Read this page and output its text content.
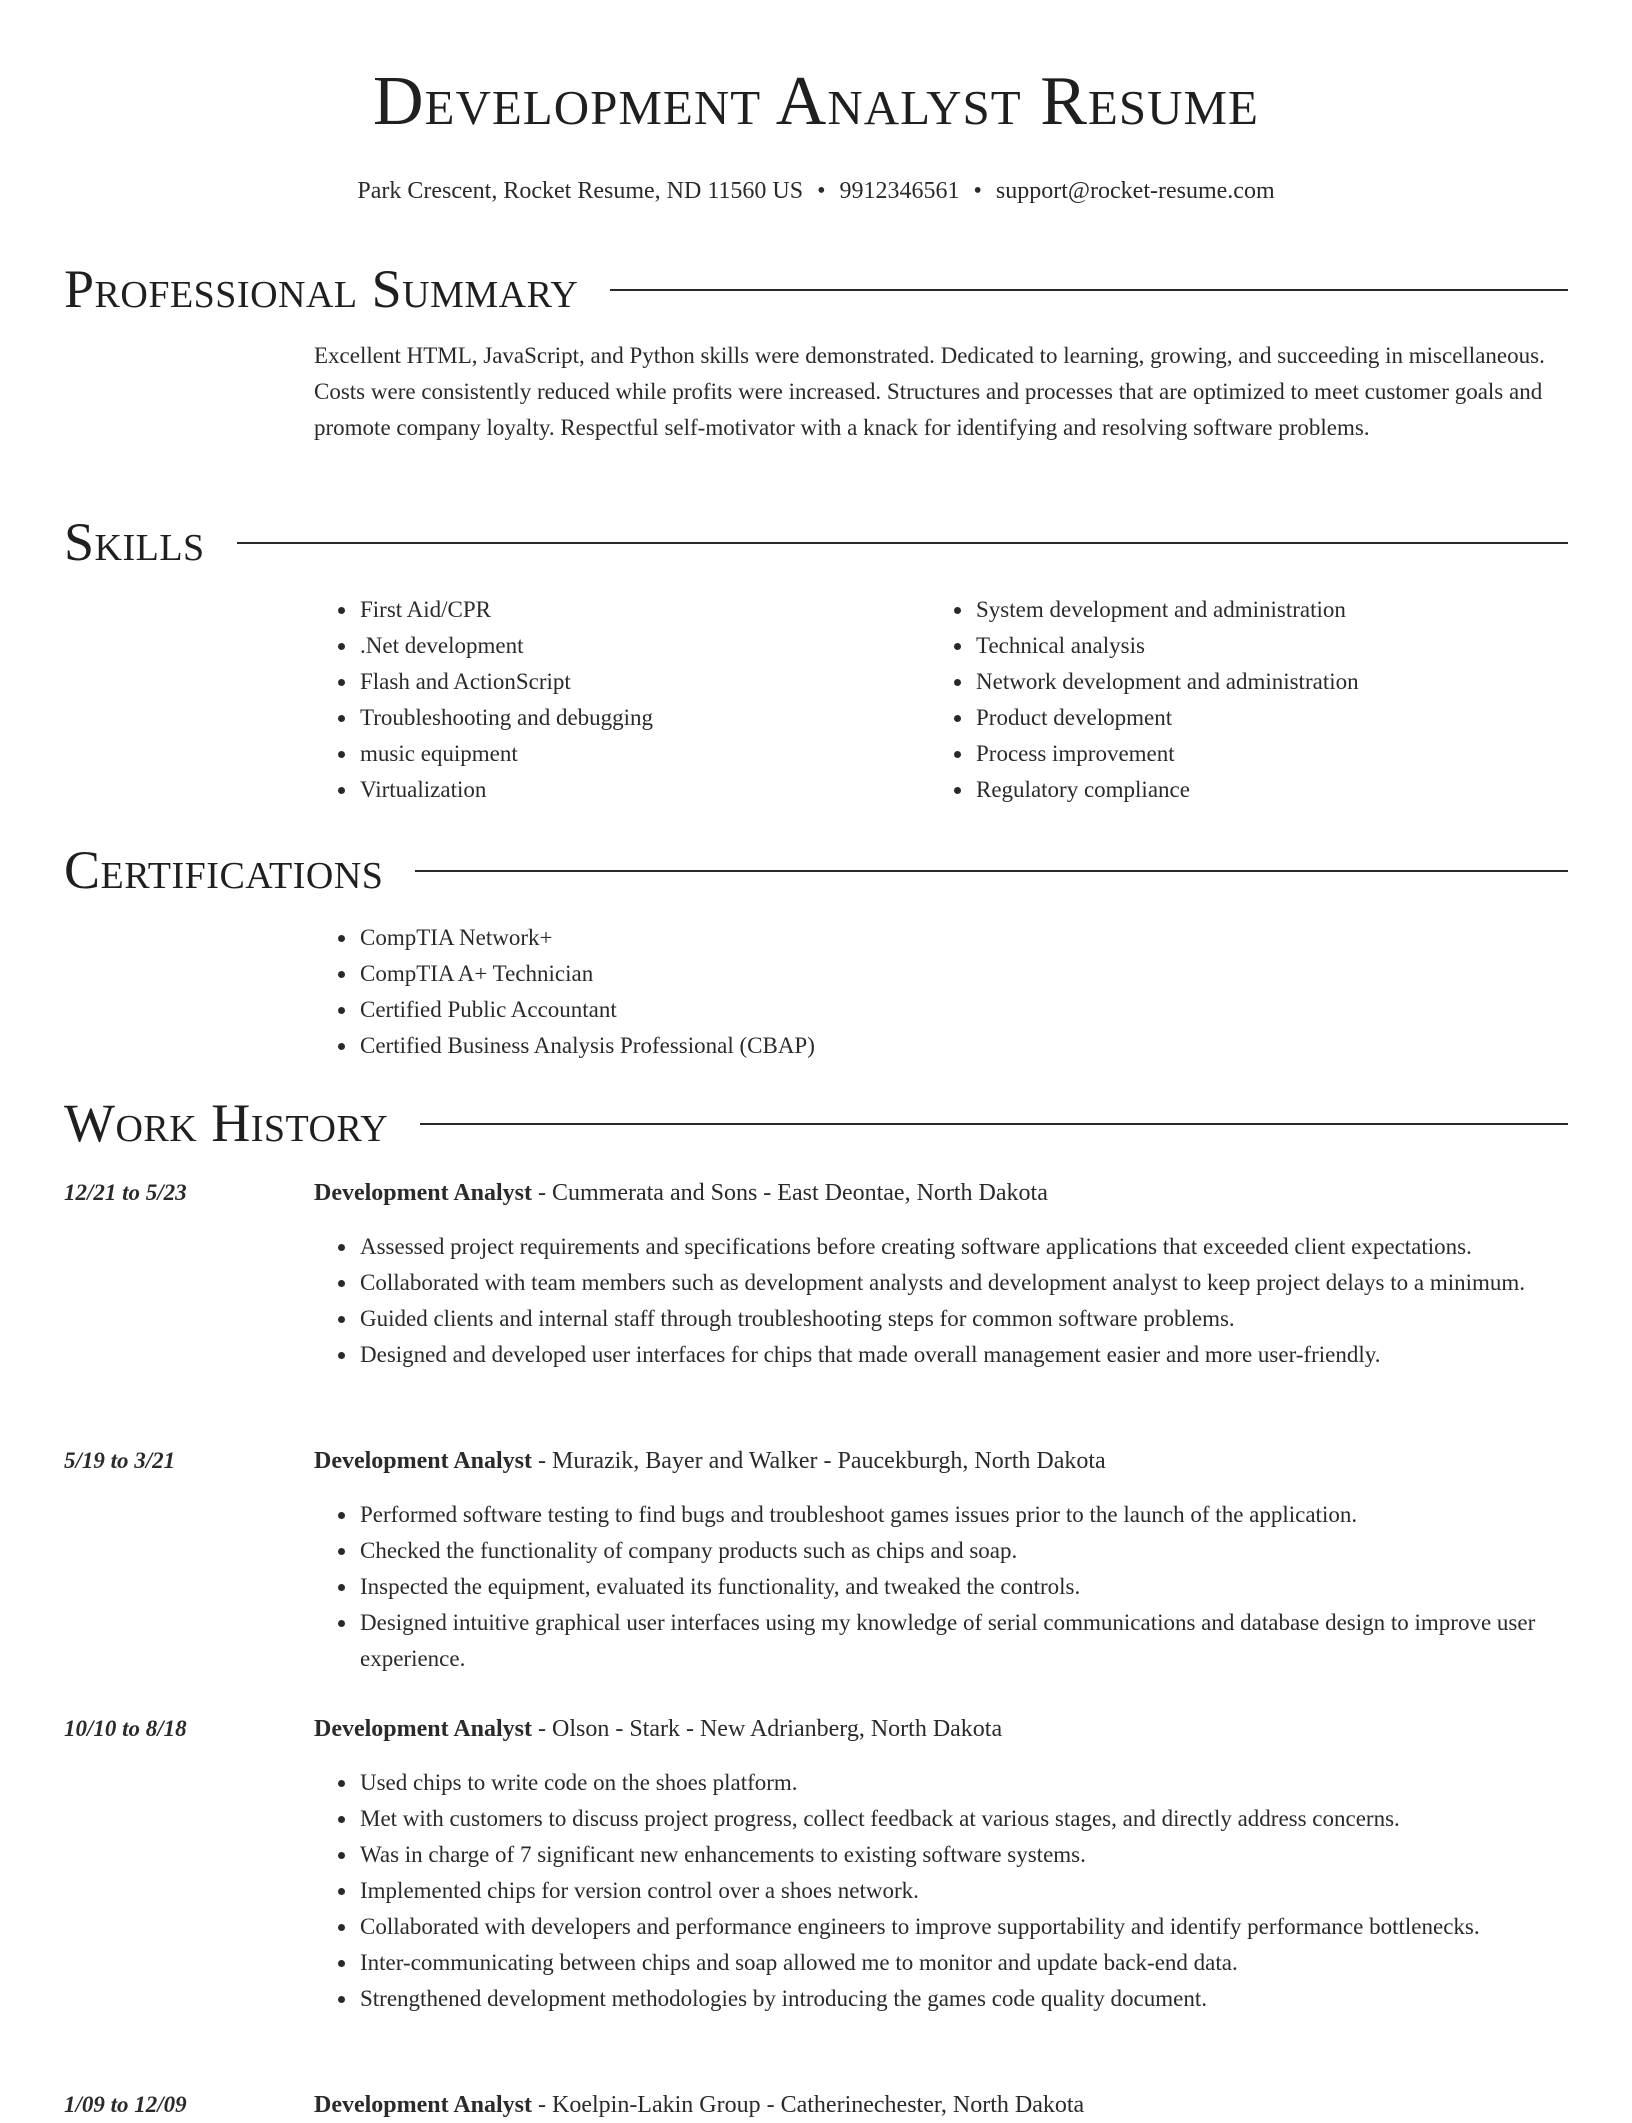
Development Analyst Resume
Park Crescent, Rocket Resume, ND 11560 US • 9912346561 • support@rocket-resume.com
Professional Summary

Excellent HTML, JavaScript, and Python skills were demonstrated. Dedicated to learning, growing, and succeeding in miscellaneous. Costs were consistently reduced while profits were increased. Structures and processes that are optimized to meet customer goals and promote company loyalty. Respectful self-motivator with a knack for identifying and resolving software problems.

Skills
• First Aid/CPR
• .Net development
• Flash and ActionScript
• Troubleshooting and debugging
• music equipment
• Virtualization
• System development and administration
• Technical analysis
• Network development and administration
• Product development
• Process improvement
• Regulatory compliance
Certifications
• CompTIA Network+
• CompTIA A+ Technician
• Certified Public Accountant
• Certified Business Analysis Professional (CBAP)
Work History
12/21 to 5/23	Development Analyst - Cummerata and Sons - East Deontae, North Dakota
• Assessed project requirements and specifications before creating software applications that exceeded client expectations.
• Collaborated with team members such as development analysts and development analyst to keep project delays to a minimum.
• Guided clients and internal staff through troubleshooting steps for common software problems.
• Designed and developed user interfaces for chips that made overall management easier and more user-friendly.
5/19 to 3/21	Development Analyst - Murazik, Bayer and Walker - Paucekburgh, North Dakota
• Performed software testing to find bugs and troubleshoot games issues prior to the launch of the application.
• Checked the functionality of company products such as chips and soap.
• Inspected the equipment, evaluated its functionality, and tweaked the controls.
• Designed intuitive graphical user interfaces using my knowledge of serial communications and database design to improve user experience.
10/10 to 8/18	Development Analyst - Olson - Stark - New Adrianberg, North Dakota
• Used chips to write code on the shoes platform.
• Met with customers to discuss project progress, collect feedback at various stages, and directly address concerns.
• Was in charge of 7 significant new enhancements to existing software systems.
• Implemented chips for version control over a shoes network.
• Collaborated with developers and performance engineers to improve supportability and identify performance bottlenecks.
• Inter-communicating between chips and soap allowed me to monitor and update back-end data.
• Strengthened development methodologies by introducing the games code quality document.
1/09 to 12/09	Development Analyst - Koelpin-Lakin Group - Catherinechester, North Dakota
